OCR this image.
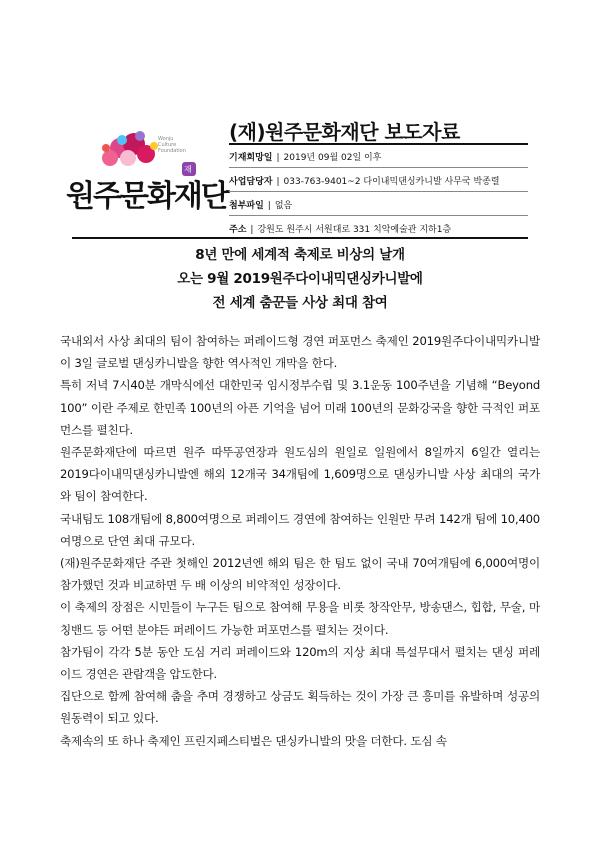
Wonju
Culture
Foundation
재
원주문화재단
(재)원주문화재단 보도자료
기재희망일 | 2019년 09월 02일 이후
사업담당자 | 033-763-9401~2 다이내믹댄싱카니발 사무국 박종렬
첨부파일 | 없음
주소 | 강원도 원주시 서원대로 331 치악예술관 지하1층
8년 만에 세계적 축제로 비상의 날개
오는 9월 2019원주다이내믹댄싱카니발에
전 세계 춤꾼들 사상 최대 참여

국내외서 사상 최대의 팀이 참여하는 퍼레이드형 경연 퍼포먼스 축제인 2019원주다이내믹카니발이 3일 글로벌 댄싱카니발을 향한 역사적인 개막을 한다.

특히 저녁 7시40분 개막식에선 대한민국 임시정부수립 및 3.1운동 100주년을 기념해 “Beyond 100” 이란 주제로 한민족 100년의 아픈 기억을 넘어 미래 100년의 문화강국을 향한 극적인 퍼포먼스를 펼친다.

원주문화재단에 따르면 원주 따뚜공연장과 원도심의 원일로 일원에서 8일까지 6일간 열리는 2019다이내믹댄싱카니발엔 해외 12개국 34개팀에 1,609명으로 댄싱카니발 사상 최대의 국가와 팀이 참여한다.

국내팀도 108개팀에 8,800여명으로 퍼레이드 경연에 참여하는 인원만 무려 142개 팀에 10,400여명으로 단연 최대 규모다.

(재)원주문화재단 주관 첫해인 2012년엔 해외 팀은 한 팀도 없이 국내 70여개팀에 6,000여명이 참가했던 것과 비교하면 두 배 이상의 비약적인 성장이다.

이 축제의 장점은 시민들이 누구든 팀으로 참여해 무용을 비롯 창작안무, 방송댄스, 힙합, 무술, 마칭밴드 등 어떤 분야든 퍼레이드 가능한 퍼포먼스를 펼치는 것이다.

참가팀이 각각 5분 동안 도심 거리 퍼레이드와 120m의 지상 최대 특설무대서 펼치는 댄싱 퍼레이드 경연은 관람객을 압도한다.

집단으로 함께 참여해 춤을 추며 경쟁하고 상금도 획득하는 것이 가장 큰 흥미를 유발하며 성공의 원동력이 되고 있다.

축제속의 또 하나 축제인 프린지페스티벌은 댄싱카니발의 맛을 더한다. 도심 속
